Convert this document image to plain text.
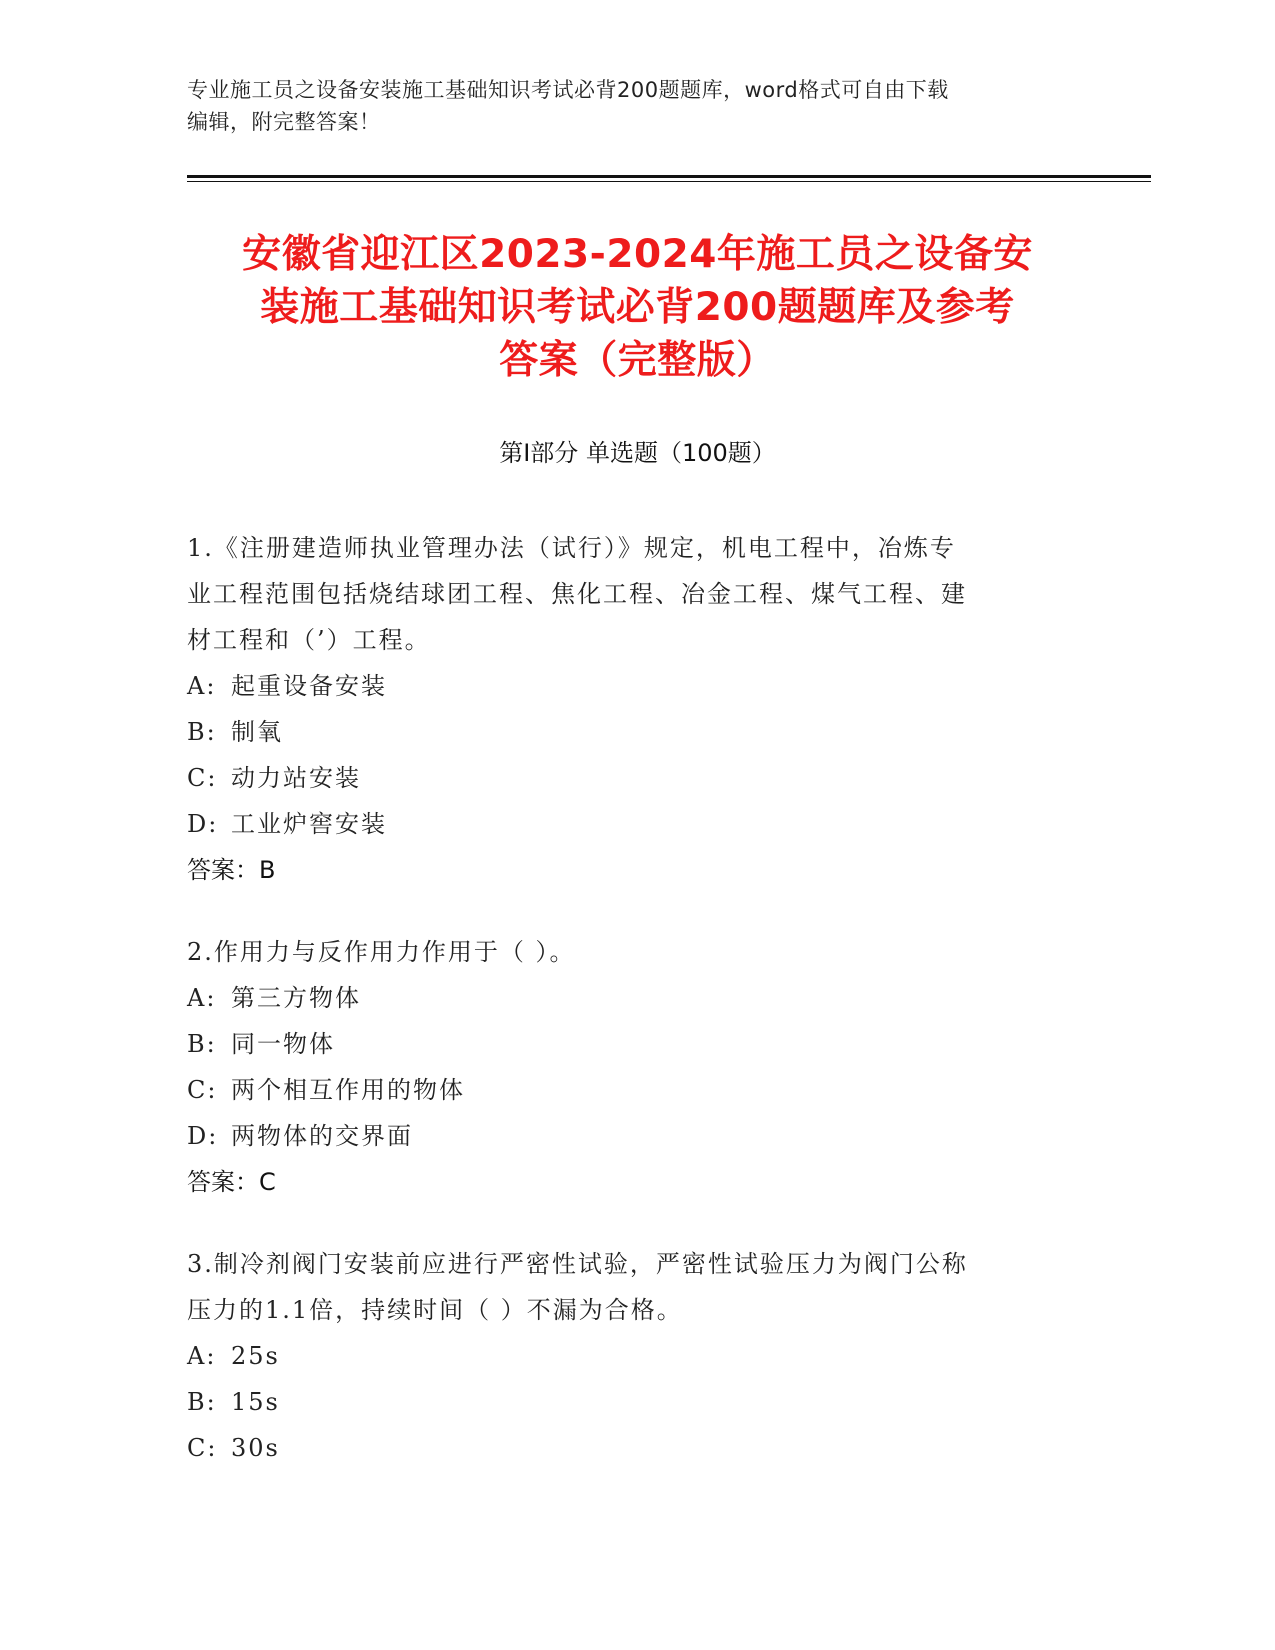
专业施工员之设备安装施工基础知识考试必背200题题库，word格式可自由下载
编辑，附完整答案！
安徽省迎江区2023-2024年施工员之设备安
装施工基础知识考试必背200题题库及参考
答案（完整版）
第Ⅰ部分 单选题（100题）
1.《注册建造师执业管理办法（试行）》规定，机电工程中，冶炼专
业工程范围包括烧结球团工程、焦化工程、冶金工程、煤气工程、建
材工程和（’）工程。
A: 起重设备安装
B: 制氧
C: 动力站安装
D: 工业炉窖安装
答案：B
2.作用力与反作用力作用于（ ）。
A: 第三方物体
B: 同一物体
C: 两个相互作用的物体
D: 两物体的交界面
答案：C
3.制冷剂阀门安装前应进行严密性试验，严密性试验压力为阀门公称
压力的1.1倍，持续时间（ ）不漏为合格。
A: 25s
B: 15s
C: 30s
